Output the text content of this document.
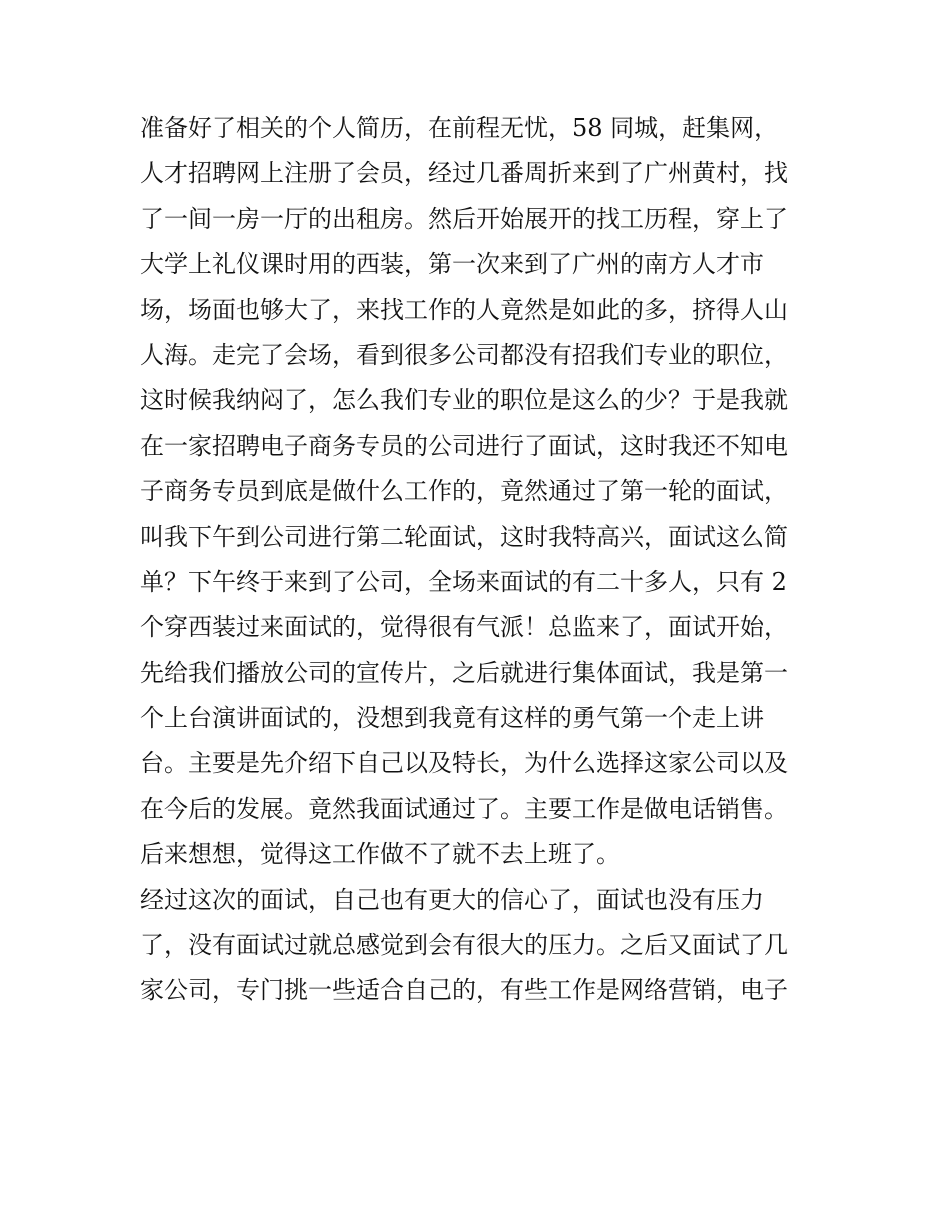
准备好了相关的个人简历，在前程无忧，58 同城，赶集网，
人才招聘网上注册了会员，经过几番周折来到了广州黄村，找
了一间一房一厅的出租房。然后开始展开的找工历程，穿上了
大学上礼仪课时用的西装，第一次来到了广州的南方人才市
场，场面也够大了，来找工作的人竟然是如此的多，挤得人山
人海。走完了会场，看到很多公司都没有招我们专业的职位，
这时候我纳闷了，怎么我们专业的职位是这么的少？于是我就
在一家招聘电子商务专员的公司进行了面试，这时我还不知电
子商务专员到底是做什么工作的，竟然通过了第一轮的面试，
叫我下午到公司进行第二轮面试，这时我特高兴，面试这么简
单？下午终于来到了公司，全场来面试的有二十多人，只有 2
个穿西装过来面试的，觉得很有气派！总监来了，面试开始，
先给我们播放公司的宣传片，之后就进行集体面试，我是第一
个上台演讲面试的，没想到我竟有这样的勇气第一个走上讲
台。主要是先介绍下自己以及特长，为什么选择这家公司以及
在今后的发展。竟然我面试通过了。主要工作是做电话销售。
后来想想，觉得这工作做不了就不去上班了。
经过这次的面试，自己也有更大的信心了，面试也没有压力
了，没有面试过就总感觉到会有很大的压力。之后又面试了几
家公司，专门挑一些适合自己的，有些工作是网络营销，电子
